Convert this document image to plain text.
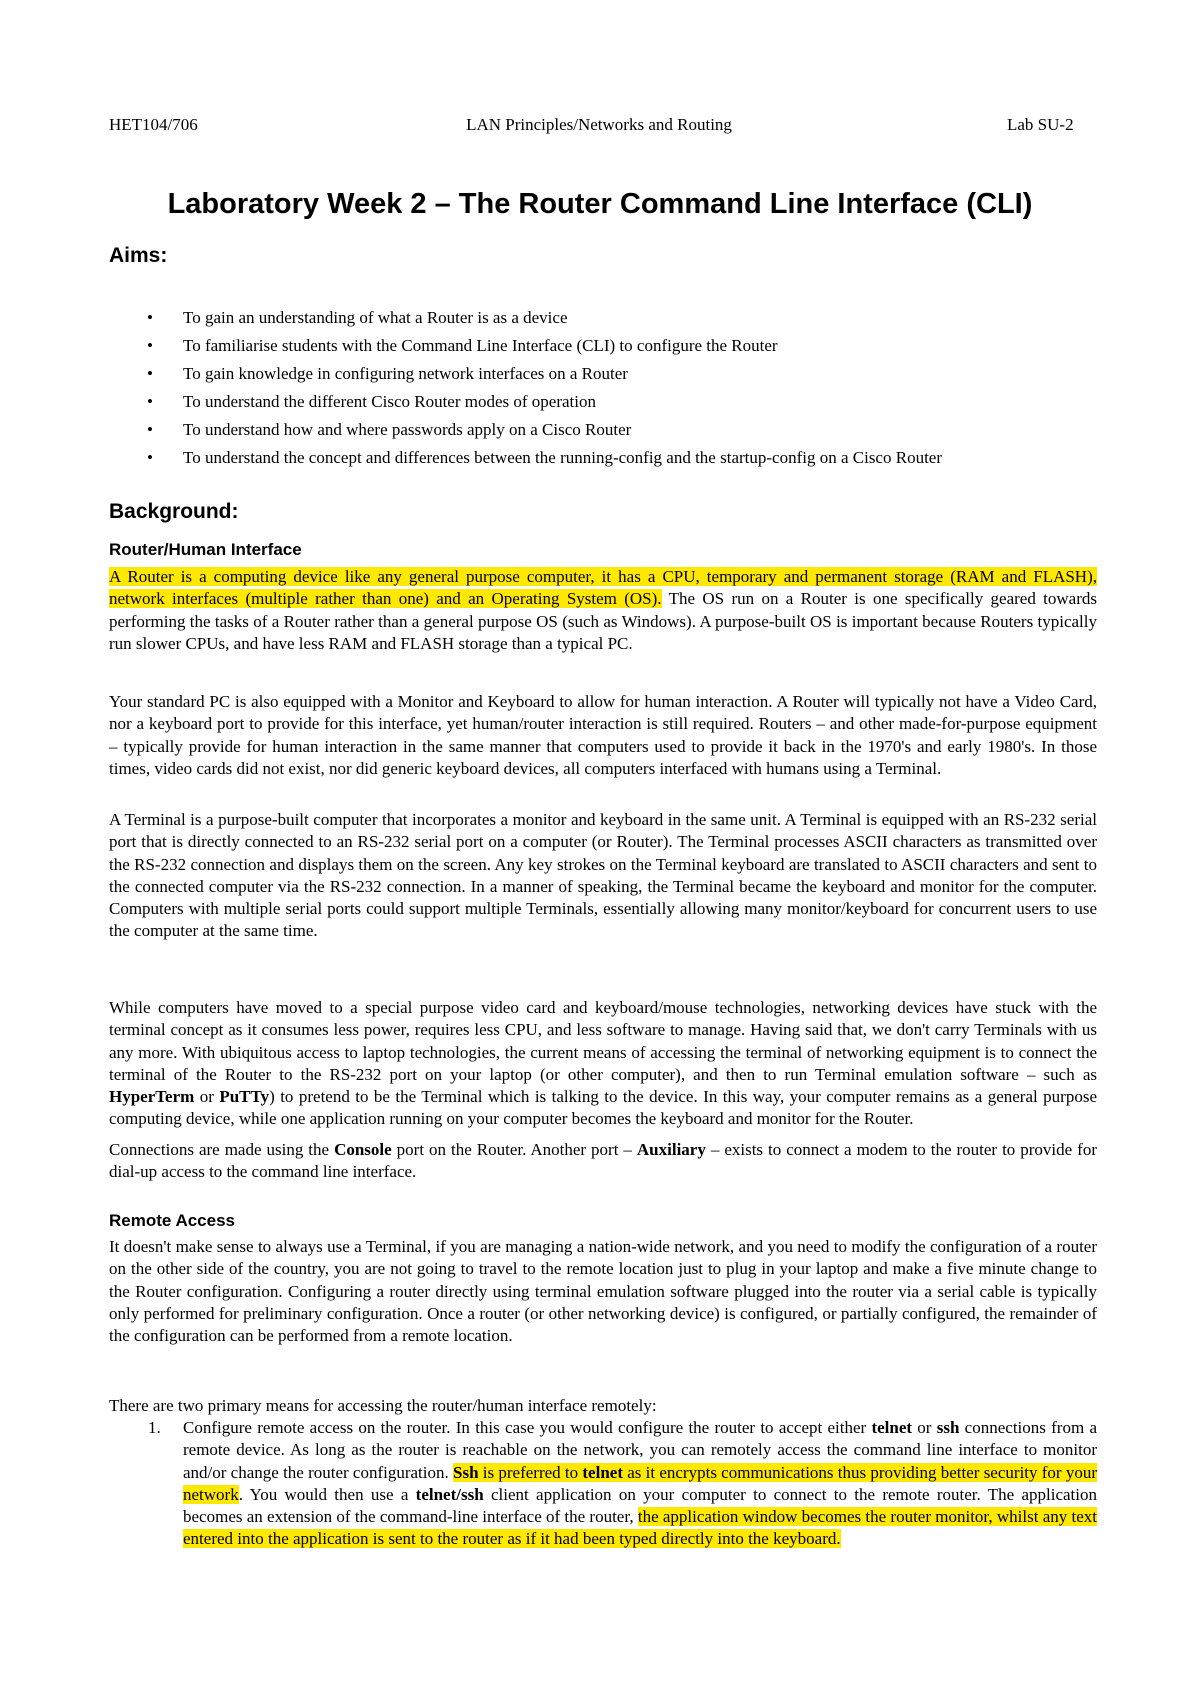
HET104/706	LAN Principles/Networks and Routing	Lab SU-2
Laboratory Week 2 – The Router Command Line Interface (CLI)
Aims:
• To gain an understanding of what a Router is as a device
• To familiarise students with the Command Line Interface (CLI) to configure the Router
• To gain knowledge in configuring network interfaces on a Router
• To understand the different Cisco Router modes of operation
• To understand how and where passwords apply on a Cisco Router
• To understand the concept and differences between the running-config and the startup-config on a Cisco Router
Background:
Router/Human Interface

A Router is a computing device like any general purpose computer, it has a CPU, temporary and permanent storage (RAM and FLASH), network interfaces (multiple rather than one) and an Operating System (OS). The OS run on a Router is one specifically geared towards performing the tasks of a Router rather than a general purpose OS (such as Windows). A purpose-built OS is important because Routers typically run slower CPUs, and have less RAM and FLASH storage than a typical PC.

Your standard PC is also equipped with a Monitor and Keyboard to allow for human interaction. A Router will typically not have a Video Card, nor a keyboard port to provide for this interface, yet human/router interaction is still required. Routers – and other made-for-purpose equipment – typically provide for human interaction in the same manner that computers used to provide it back in the 1970's and early 1980's. In those times, video cards did not exist, nor did generic keyboard devices, all computers interfaced with humans using a Terminal.

A Terminal is a purpose-built computer that incorporates a monitor and keyboard in the same unit. A Terminal is equipped with an RS-232 serial port that is directly connected to an RS-232 serial port on a computer (or Router). The Terminal processes ASCII characters as transmitted over the RS-232 connection and displays them on the screen. Any key strokes on the Terminal keyboard are translated to ASCII characters and sent to the connected computer via the RS-232 connection. In a manner of speaking, the Terminal became the keyboard and monitor for the computer. Computers with multiple serial ports could support multiple Terminals, essentially allowing many monitor/keyboard for concurrent users to use the computer at the same time.

While computers have moved to a special purpose video card and keyboard/mouse technologies, networking devices have stuck with the terminal concept as it consumes less power, requires less CPU, and less software to manage. Having said that, we don't carry Terminals with us any more. With ubiquitous access to laptop technologies, the current means of accessing the terminal of networking equipment is to connect the terminal of the Router to the RS-232 port on your laptop (or other computer), and then to run Terminal emulation software – such as HyperTerm or PuTTy) to pretend to be the Terminal which is talking to the device. In this way, your computer remains as a general purpose computing device, while one application running on your computer becomes the keyboard and monitor for the Router.

Connections are made using the Console port on the Router. Another port – Auxiliary – exists to connect a modem to the router to provide for dial-up access to the command line interface.

Remote Access

It doesn't make sense to always use a Terminal, if you are managing a nation-wide network, and you need to modify the configuration of a router on the other side of the country, you are not going to travel to the remote location just to plug in your laptop and make a five minute change to the Router configuration. Configuring a router directly using terminal emulation software plugged into the router via a serial cable is typically only performed for preliminary configuration. Once a router (or other networking device) is configured, or partially configured, the remainder of the configuration can be performed from a remote location.

There are two primary means for accessing the router/human interface remotely:

1. Configure remote access on the router. In this case you would configure the router to accept either telnet or ssh connections from a remote device. As long as the router is reachable on the network, you can remotely access the command line interface to monitor and/or change the router configuration. Ssh is preferred to telnet as it encrypts communications thus providing better security for your network. You would then use a telnet/ssh client application on your computer to connect to the remote router. The application becomes an extension of the command-line interface of the router, the application window becomes the router monitor, whilst any text entered into the application is sent to the router as if it had been typed directly into the keyboard.
